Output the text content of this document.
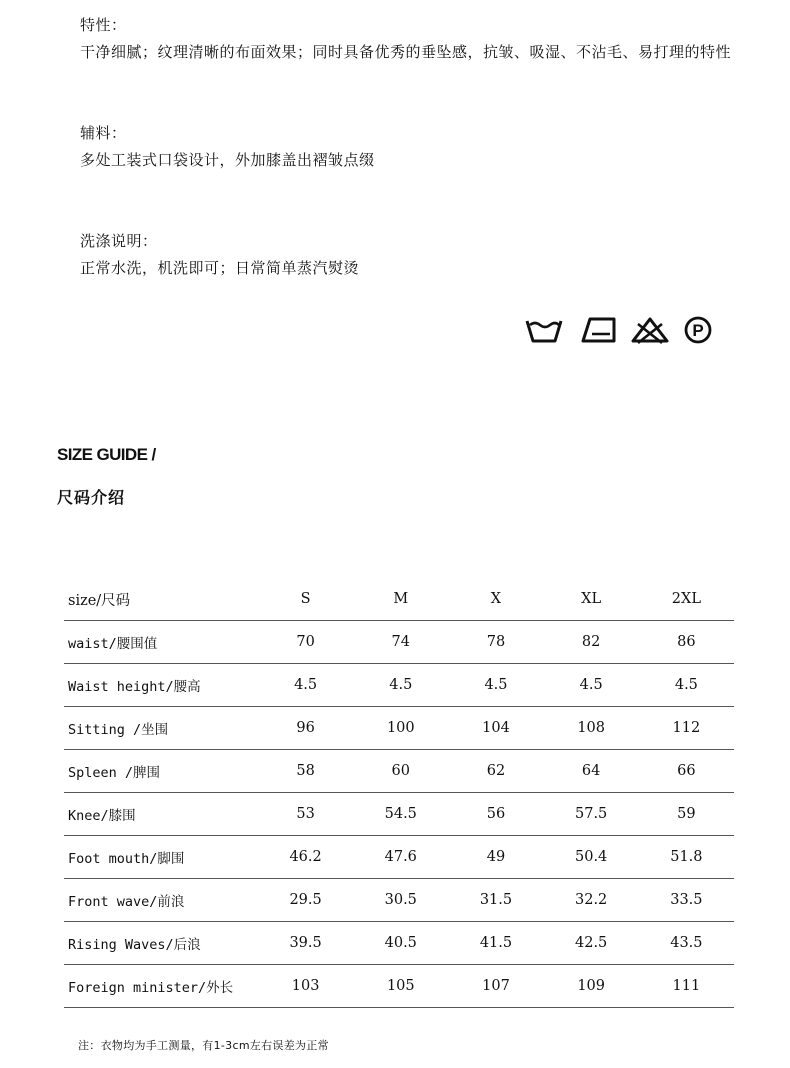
特性：
干净细腻；纹理清晰的布面效果；同时具备优秀的垂坠感，抗皱、吸湿、不沾毛、易打理的特性
辅料：
多处工装式口袋设计，外加膝盖出褶皱点缀
洗涤说明：
正常水洗，机洗即可；日常简单蒸汽熨烫
P
SIZE GUIDE /
尺码介绍
size/尺码	S	M	X	XL	2XL
waist/腰围值	70	74	78	82	86
Waist height/腰高	4.5	4.5	4.5	4.5	4.5
Sitting /坐围	96	100	104	108	112
Spleen /脾围	58	60	62	64	66
Knee/膝围	53	54.5	56	57.5	59
Foot mouth/脚围	46.2	47.6	49	50.4	51.8
Front wave/前浪	29.5	30.5	31.5	32.2	33.5
Rising Waves/后浪	39.5	40.5	41.5	42.5	43.5
Foreign minister/外长	103	105	107	109	111
注：衣物均为手工测量，有1-3cm左右误差为正常
